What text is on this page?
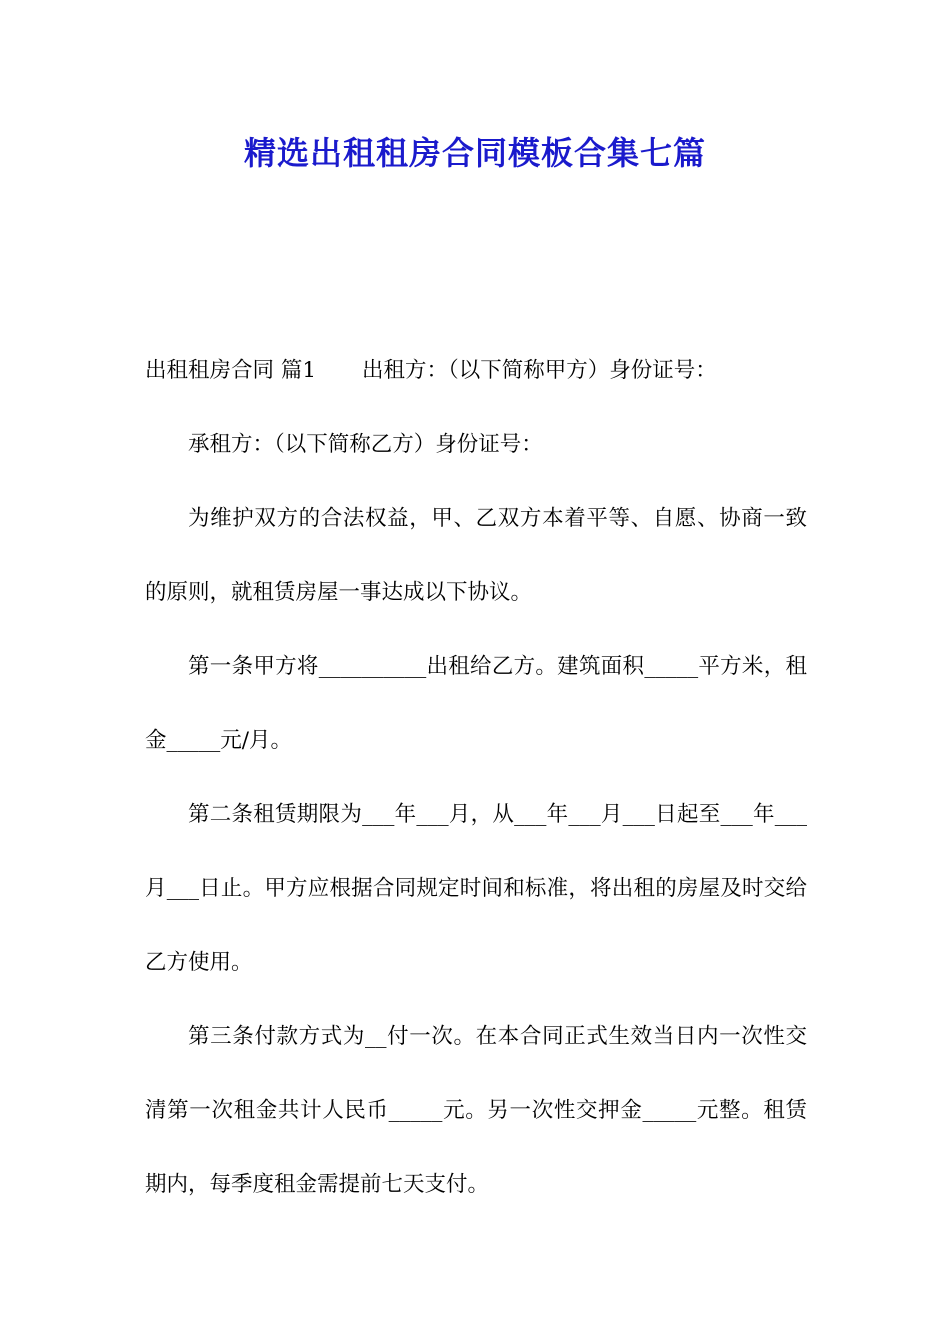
精选出租租房合同模板合集七篇

出租租房合同 篇1 出租方：（以下简称甲方）身份证号：

承租方：（以下简称乙方）身份证号：

为维护双方的合法权益，甲、乙双方本着平等、自愿、协商一致的原则，就租赁房屋一事达成以下协议。

第一条甲方将__________出租给乙方。建筑面积_____平方米，租金_____元/月。

第二条租赁期限为___年___月，从___年___月___日起至___年___月___日止。甲方应根据合同规定时间和标准，将出租的房屋及时交给乙方使用。

第三条付款方式为__付一次。在本合同正式生效当日内一次性交清第一次租金共计人民币_____元。另一次性交押金_____元整。租赁期内，每季度租金需提前七天支付。
